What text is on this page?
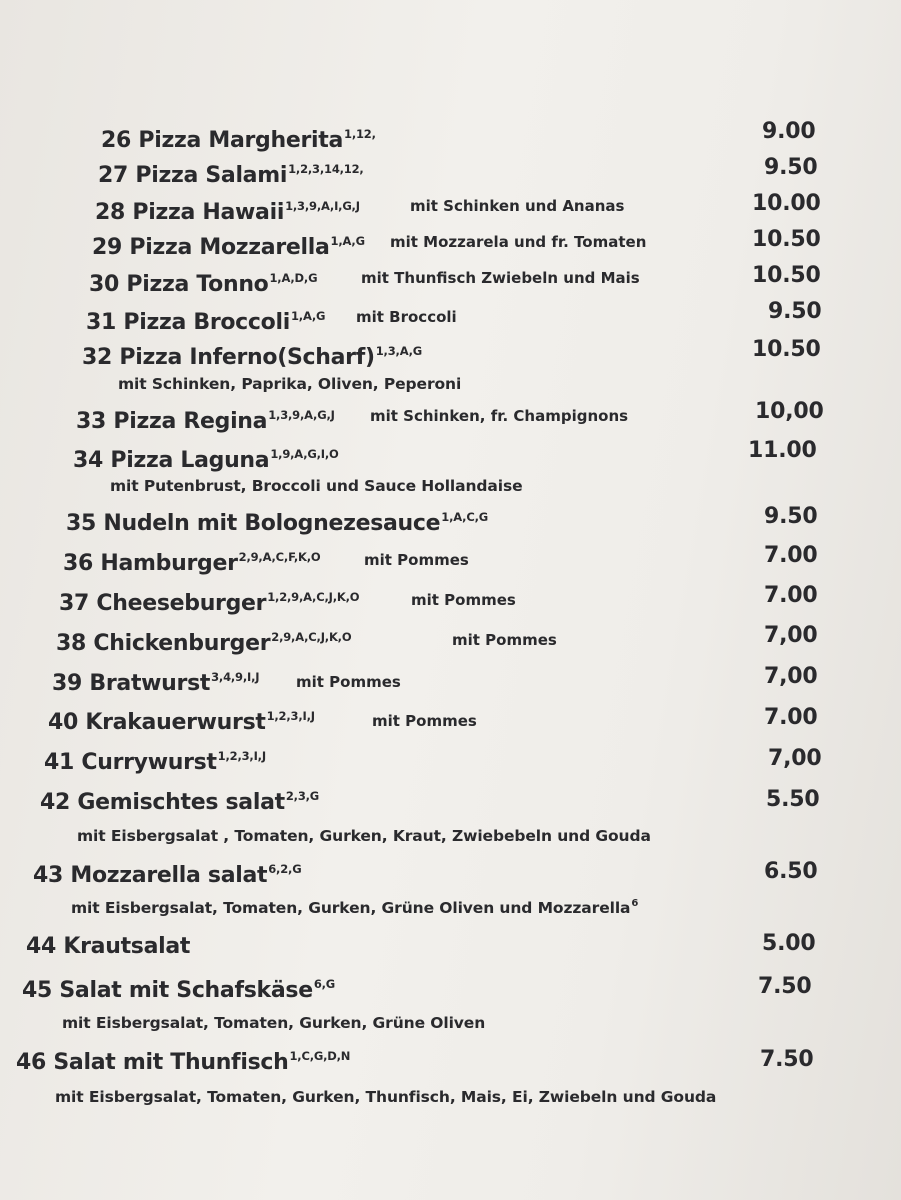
26 Pizza Margherita$^{1,12,}$	9.00
27 Pizza Salami$^{1,2,3,14,12,}$	9.50
28 Pizza Hawaii$^{1,3,9,A,I,G,J}$	mit Schinken und Ananas	10.00
29 Pizza Mozzarella$^{1,A,G}$ mit Mozzarela und fr. Tomaten	10.50
30 Pizza Tonno$^{1,A,D,G}$	mit Thunfisch Zwiebeln und Mais	10.50
31 Pizza Broccoli$^{1,A,G}$ mit Broccoli	9.50
32 Pizza Inferno(Scharf)$^{1,3,A,G}$	10.50
mit Schinken, Paprika, Oliven, Peperoni
33 Pizza Regina$^{1,3,9,A,G,J}$ mit Schinken, fr. Champignons	10,00
34 Pizza Laguna$^{1,9,A,G,I,O}$	11.00
mit Putenbrust, Broccoli und Sauce Hollandaise
35 Nudeln mit Bolognezesauce$^{1,A,C,G}$	9.50
36 Hamburger$^{2,9,A,C,F,K,O}$	mit Pommes	7.00
37 Cheeseburger$^{1,2,9,A,C,J,K,O}$	mit Pommes	7.00
38 Chickenburger$^{2,9,A,C,J,K,O}$	mit Pommes	7,00
39 Bratwurst$^{3,4,9,I,J}$ mit Pommes	7,00
40 Krakauerwurst$^{1,2,3,I,J}$	mit Pommes	7.00
41 Currywurst$^{1,2,3,I,J}$	7,00
42 Gemischtes salat$^{2,3,G}$	5.50
mit Eisbergsalat , Tomaten, Gurken, Kraut, Zwiebebeln und Gouda
43 Mozzarella salat$^{6,2,G}$	6.50
mit Eisbergsalat, Tomaten, Gurken, Grüne Oliven und Mozzarella$^6$
44 Krautsalat	5.00
45 Salat mit Schafskäse$^{6,G}$	7.50
mit Eisbergsalat, Tomaten, Gurken, Grüne Oliven
46 Salat mit Thunfisch$^{1,C,G,D,N}$	7.50
mit Eisbergsalat, Tomaten, Gurken, Thunfisch, Mais, Ei, Zwiebeln und Gouda
